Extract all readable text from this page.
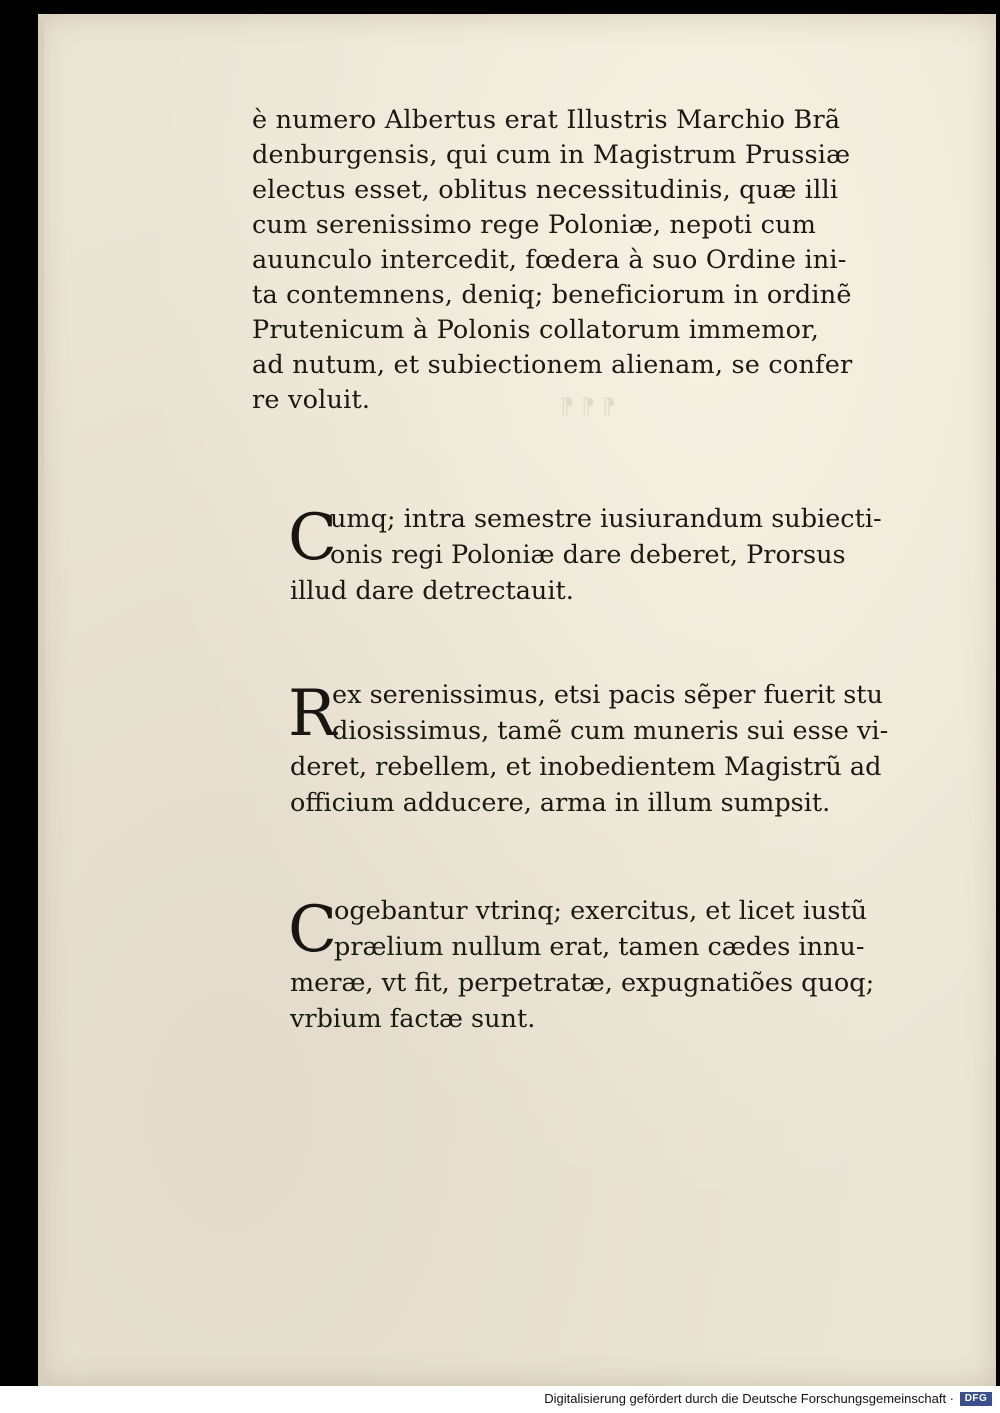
¶ ¶ ¶
è numero Albertus erat Illustris Marchio Brã
denburgensis, qui cum in Magistrum Prussiæ
electus esset, oblitus necessitudinis, quæ illi
cum serenissimo rege Poloniæ, nepoti cum
auunculo intercedit, fœdera à suo Ordine ini-
ta contemnens, deniq; beneficiorum in ordinẽ
Prutenicum à Polonis collatorum immemor,
ad nutum, et subiectionem alienam, se confer
re voluit.
C
umq; intra semestre iusiurandum subiecti-
onis regi Poloniæ dare deberet, Prorsus
illud dare detrectauit.
R
ex serenissimus, etsi pacis sẽper fuerit stu
diosissimus, tamẽ cum muneris sui esse vi-
deret, rebellem, et inobedientem Magistrũ ad
officium adducere, arma in illum sumpsit.
C
ogebantur vtrinq; exercitus, et licet iustũ
prælium nullum erat, tamen cædes innu-
meræ, vt fit, perpetratæ, expugnatiões quoq;
vrbium factæ sunt.
Digitalisierung gefördert durch die Deutsche Forschungsgemeinschaft ·	DFG
